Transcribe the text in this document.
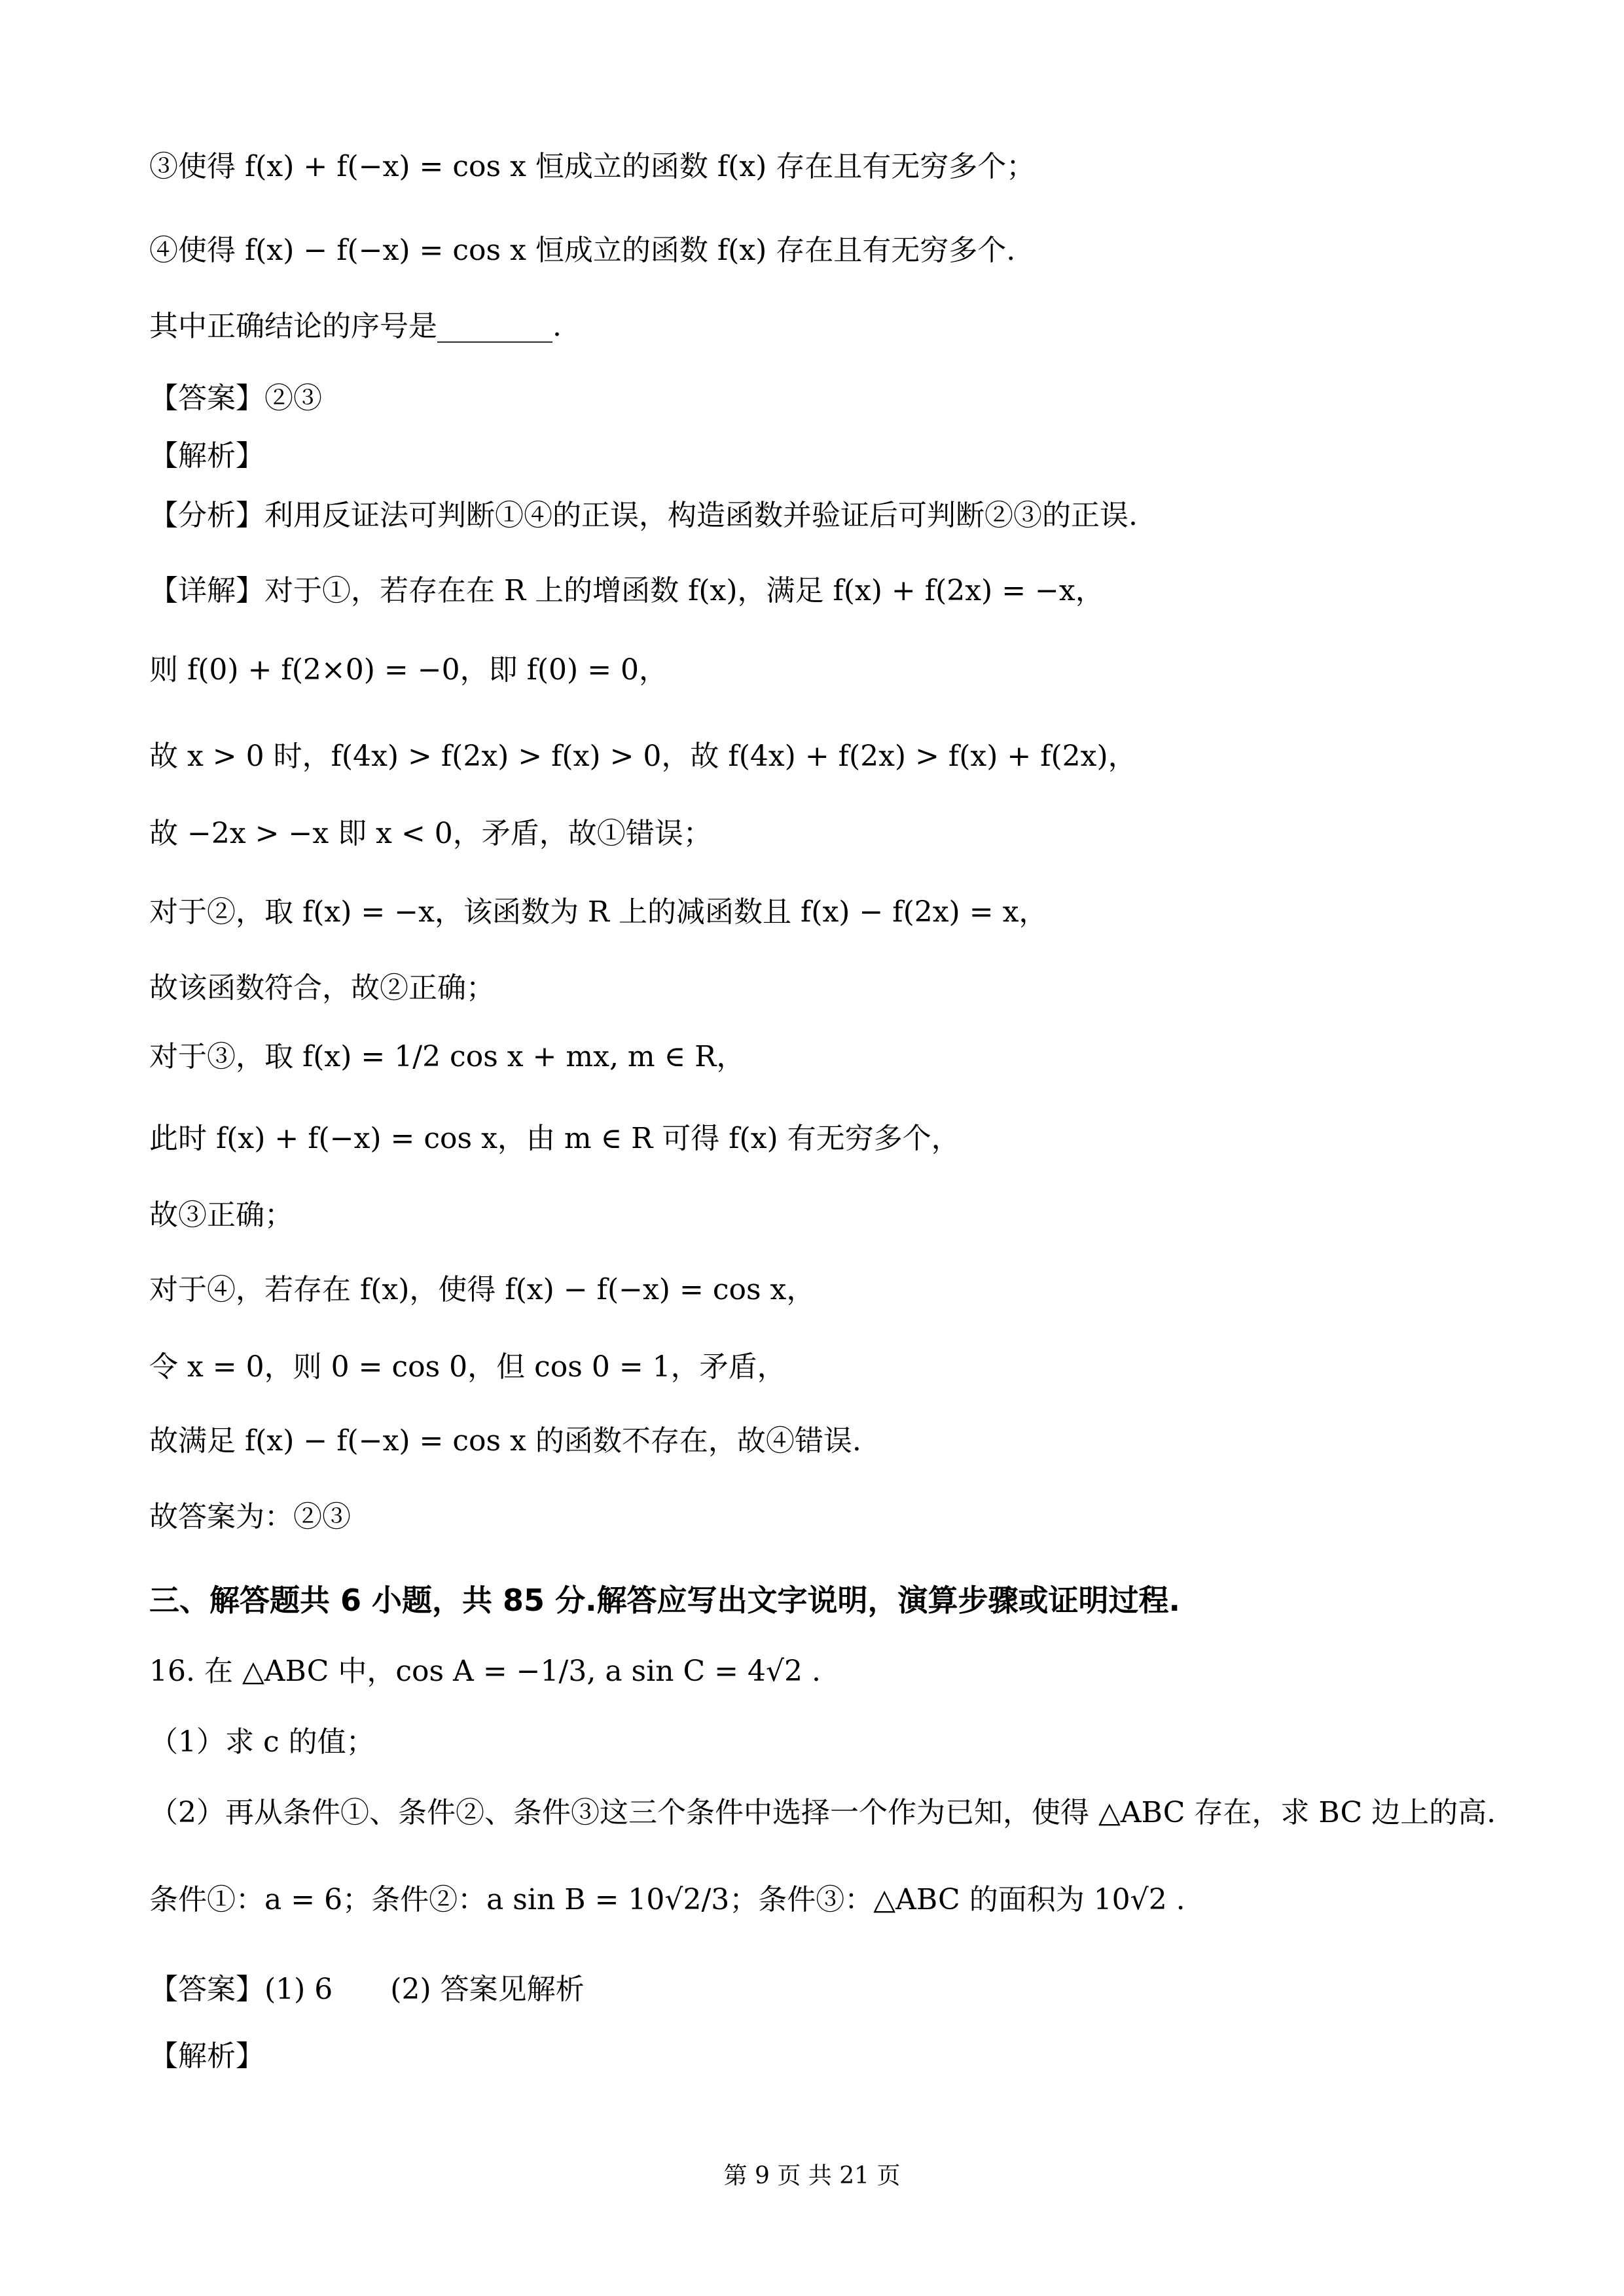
③使得 f(x) + f(−x) = cos x 恒成立的函数 f(x) 存在且有无穷多个；
④使得 f(x) − f(−x) = cos x 恒成立的函数 f(x) 存在且有无穷多个.
其中正确结论的序号是________.
【答案】②③
【解析】
【分析】利用反证法可判断①④的正误，构造函数并验证后可判断②③的正误.
【详解】对于①，若存在在 R 上的增函数 f(x)，满足 f(x) + f(2x) = −x，
则 f(0) + f(2×0) = −0，即 f(0) = 0，
故 x > 0 时，f(4x) > f(2x) > f(x) > 0，故 f(4x) + f(2x) > f(x) + f(2x)，
故 −2x > −x 即 x < 0，矛盾，故①错误；
对于②，取 f(x) = −x，该函数为 R 上的减函数且 f(x) − f(2x) = x，
故该函数符合，故②正确；
对于③，取 f(x) = 1/2 cos x + mx, m ∈ R，
此时 f(x) + f(−x) = cos x，由 m ∈ R 可得 f(x) 有无穷多个，
故③正确；
对于④，若存在 f(x)，使得 f(x) − f(−x) = cos x，
令 x = 0，则 0 = cos 0，但 cos 0 = 1，矛盾，
故满足 f(x) − f(−x) = cos x 的函数不存在，故④错误.
故答案为：②③
三、解答题共 6 小题，共 85 分.解答应写出文字说明，演算步骤或证明过程.
16. 在 △ABC 中，cos A = −1/3, a sin C = 4√2 .
（1）求 c 的值；
（2）再从条件①、条件②、条件③这三个条件中选择一个作为已知，使得 △ABC 存在，求 BC 边上的高.
条件①：a = 6；条件②：a sin B = 10√2/3；条件③：△ABC 的面积为 10√2 .
【答案】(1) 6　　(2) 答案见解析
【解析】
第 9 页 共 21 页
